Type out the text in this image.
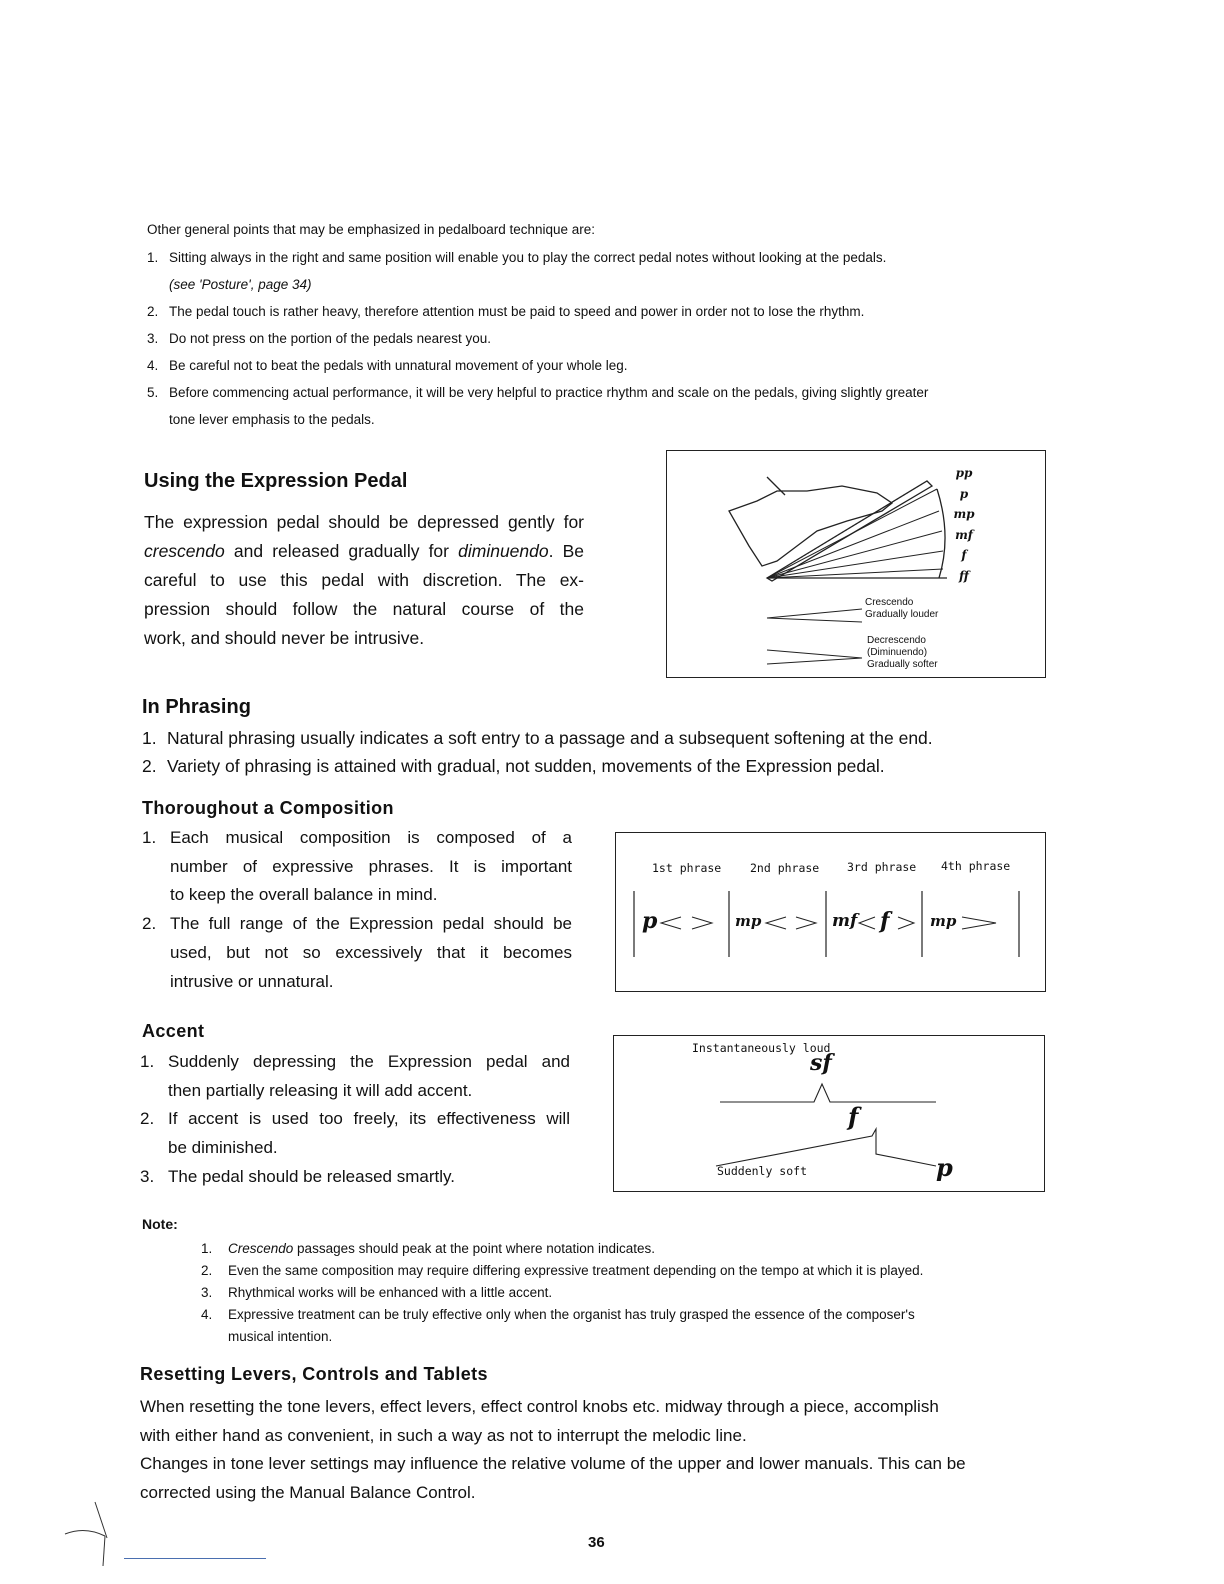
Other general points that may be emphasized in pedalboard technique are:
1. Sitting always in the right and same position will enable you to play the correct pedal notes without looking at the pedals.
(see 'Posture', page 34)
2. The pedal touch is rather heavy, therefore attention must be paid to speed and power in order not to lose the rhythm.
3. Do not press on the portion of the pedals nearest you.
4. Be careful not to beat the pedals with unnatural movement of your whole leg.
5. Before commencing actual performance, it will be very helpful to practice rhythm and scale on the pedals, giving slightly greater
tone lever emphasis to the pedals.
Using the Expression Pedal
The expression pedal should be depressed gently for
crescendo and released gradually for diminuendo. Be
careful to use this pedal with discretion. The ex-
pression should follow the natural course of the
work, and should never be intrusive.
pp
p
mp
mf
f
ff
Crescendo
Gradually louder
Decrescendo
(Diminuendo)
Gradually softer
In Phrasing
1. Natural phrasing usually indicates a soft entry to a passage and a subsequent softening at the end.
2. Variety of phrasing is attained with gradual, not sudden, movements of the Expression pedal.
Thoroughout a Composition
1. Each musical composition is composed of a
number of expressive phrases. It is important
to keep the overall balance in mind.
2. The full range of the Expression pedal should be
used, but not so excessively that it becomes
intrusive or unnatural.
1st phrase	2nd phrase 3rd phrase 4th phrase
p	mp	mf f	mp
Accent
1. Suddenly depressing the Expression pedal and
then partially releasing it will add accent.
2. If accent is used too freely, its effectiveness will
be diminished.
3. The pedal should be released smartly.
Instantaneously loud
sf
f
p
Suddenly soft
Note:
1. Crescendo passages should peak at the point where notation indicates.
2. Even the same composition may require differing expressive treatment depending on the tempo at which it is played.
3. Rhythmical works will be enhanced with a little accent.
4. Expressive treatment can be truly effective only when the organist has truly grasped the essence of the composer's
musical intention.
Resetting Levers, Controls and Tablets
When resetting the tone levers, effect levers, effect control knobs etc. midway through a piece, accomplish
with either hand as convenient, in such a way as not to interrupt the melodic line.
Changes in tone lever settings may influence the relative volume of the upper and lower manuals. This can be
corrected using the Manual Balance Control.
36
